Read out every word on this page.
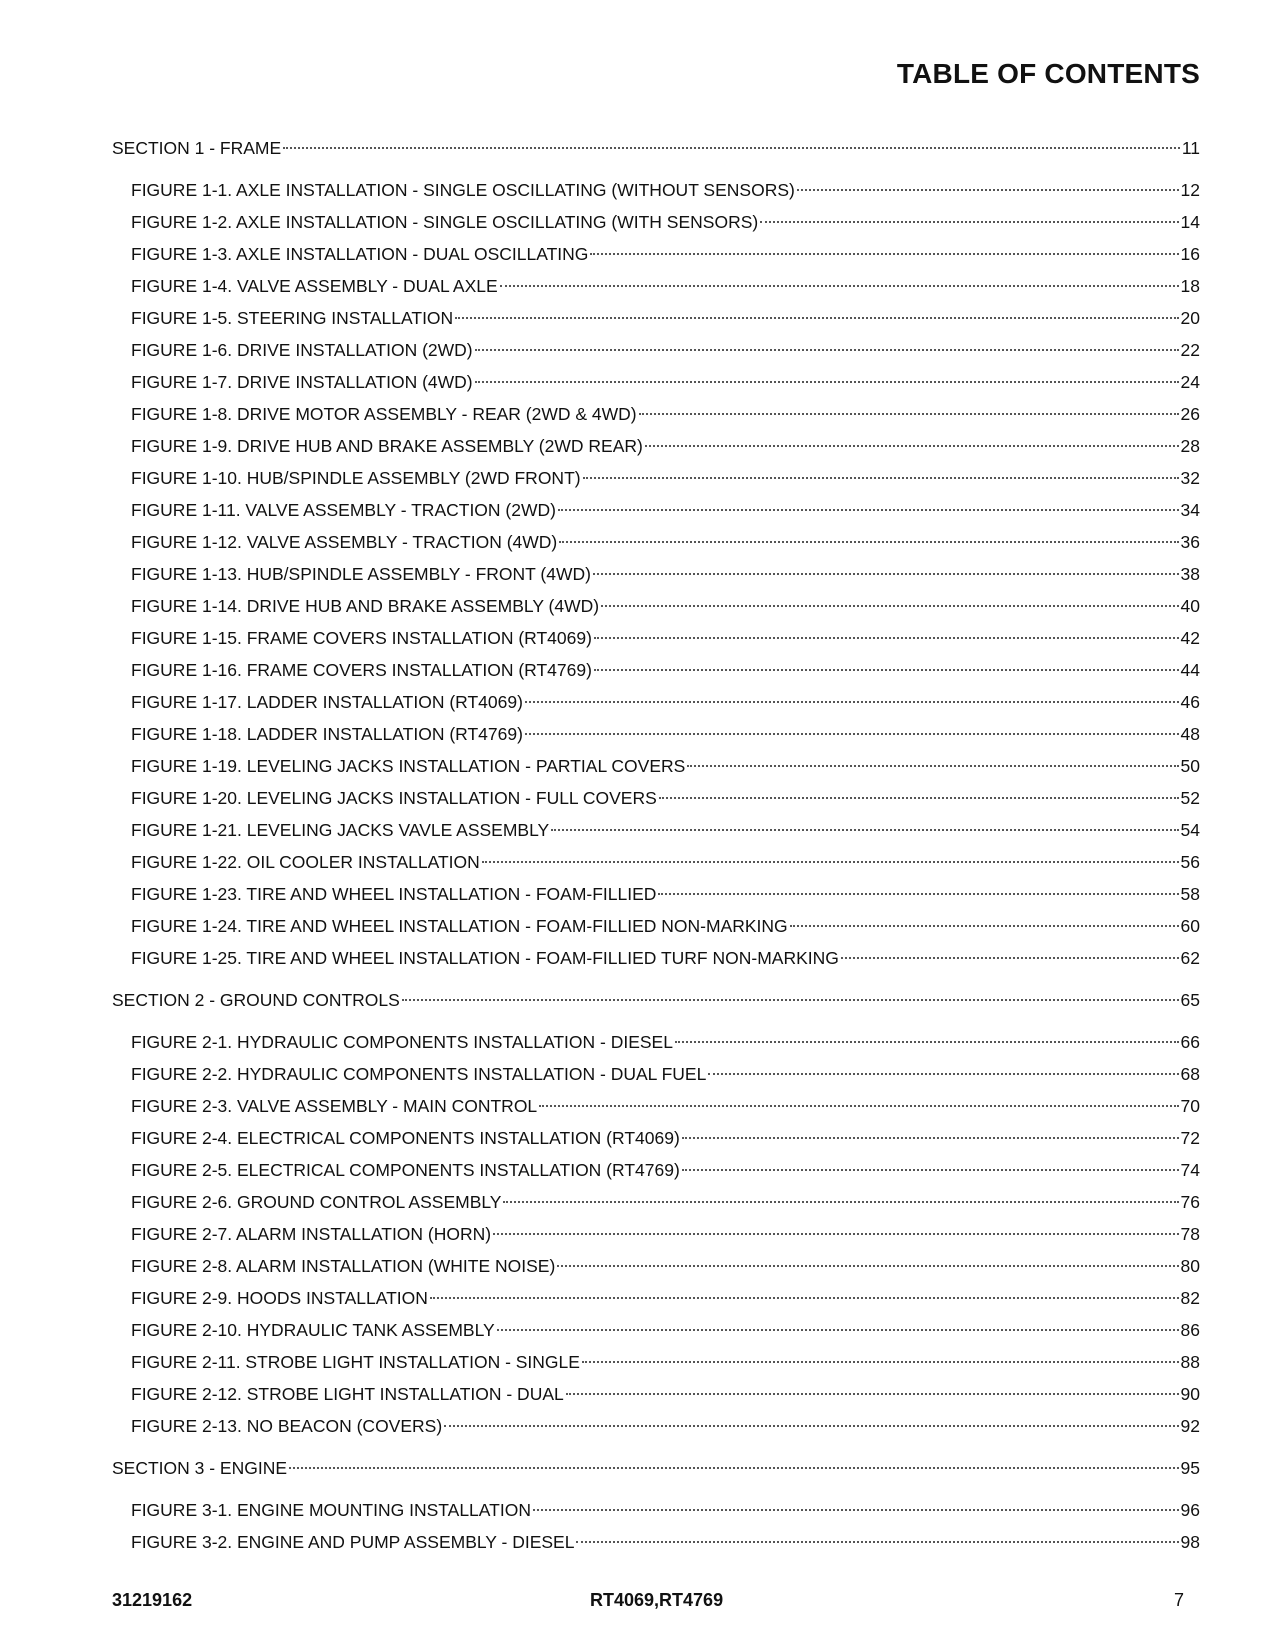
TABLE OF CONTENTS
SECTION 1 - FRAME	11
FIGURE 1-1. AXLE INSTALLATION - SINGLE OSCILLATING (WITHOUT SENSORS)	12
FIGURE 1-2. AXLE INSTALLATION - SINGLE OSCILLATING (WITH SENSORS)	14
FIGURE 1-3. AXLE INSTALLATION - DUAL OSCILLATING	16
FIGURE 1-4. VALVE ASSEMBLY - DUAL AXLE	18
FIGURE 1-5. STEERING INSTALLATION	20
FIGURE 1-6. DRIVE INSTALLATION (2WD)	22
FIGURE 1-7. DRIVE INSTALLATION (4WD)	24
FIGURE 1-8. DRIVE MOTOR ASSEMBLY - REAR (2WD & 4WD)	26
FIGURE 1-9. DRIVE HUB AND BRAKE ASSEMBLY (2WD REAR)	28
FIGURE 1-10. HUB/SPINDLE ASSEMBLY (2WD FRONT)	32
FIGURE 1-11. VALVE ASSEMBLY - TRACTION (2WD)	34
FIGURE 1-12. VALVE ASSEMBLY - TRACTION (4WD)	36
FIGURE 1-13. HUB/SPINDLE ASSEMBLY - FRONT (4WD)	38
FIGURE 1-14. DRIVE HUB AND BRAKE ASSEMBLY (4WD)	40
FIGURE 1-15. FRAME COVERS INSTALLATION (RT4069)	42
FIGURE 1-16. FRAME COVERS INSTALLATION (RT4769)	44
FIGURE 1-17. LADDER INSTALLATION (RT4069)	46
FIGURE 1-18. LADDER INSTALLATION (RT4769)	48
FIGURE 1-19. LEVELING JACKS INSTALLATION - PARTIAL COVERS	50
FIGURE 1-20. LEVELING JACKS INSTALLATION - FULL COVERS	52
FIGURE 1-21. LEVELING JACKS VAVLE ASSEMBLY	54
FIGURE 1-22. OIL COOLER INSTALLATION	56
FIGURE 1-23. TIRE AND WHEEL INSTALLATION - FOAM-FILLIED	58
FIGURE 1-24. TIRE AND WHEEL INSTALLATION - FOAM-FILLIED NON-MARKING	60
FIGURE 1-25. TIRE AND WHEEL INSTALLATION - FOAM-FILLIED TURF NON-MARKING	62
SECTION 2 - GROUND CONTROLS	65
FIGURE 2-1. HYDRAULIC COMPONENTS INSTALLATION - DIESEL	66
FIGURE 2-2. HYDRAULIC COMPONENTS INSTALLATION - DUAL FUEL	68
FIGURE 2-3. VALVE ASSEMBLY - MAIN CONTROL	70
FIGURE 2-4. ELECTRICAL COMPONENTS INSTALLATION (RT4069)	72
FIGURE 2-5. ELECTRICAL COMPONENTS INSTALLATION (RT4769)	74
FIGURE 2-6. GROUND CONTROL ASSEMBLY	76
FIGURE 2-7. ALARM INSTALLATION (HORN)	78
FIGURE 2-8. ALARM INSTALLATION (WHITE NOISE)	80
FIGURE 2-9. HOODS INSTALLATION	82
FIGURE 2-10. HYDRAULIC TANK ASSEMBLY	86
FIGURE 2-11. STROBE LIGHT INSTALLATION - SINGLE	88
FIGURE 2-12. STROBE LIGHT INSTALLATION - DUAL	90
FIGURE 2-13. NO BEACON (COVERS)	92
SECTION 3 - ENGINE	95
FIGURE 3-1. ENGINE MOUNTING INSTALLATION	96
FIGURE 3-2. ENGINE AND PUMP ASSEMBLY - DIESEL	98
31219162	RT4069,RT4769	7
